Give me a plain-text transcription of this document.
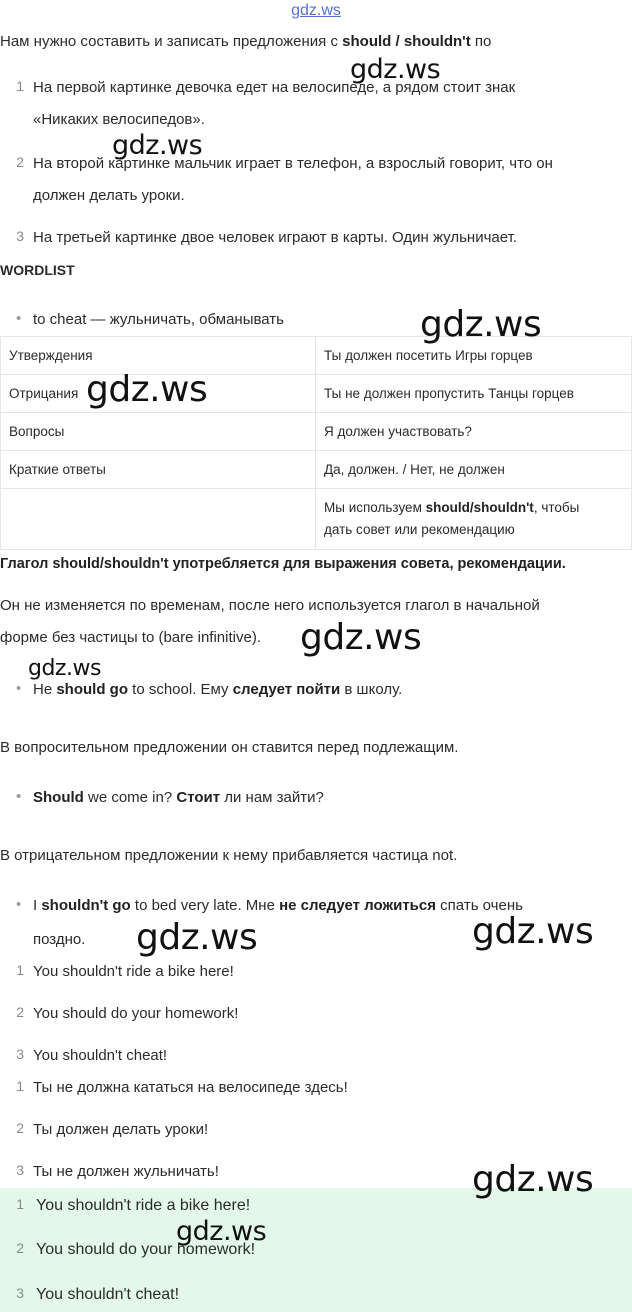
gdz.ws
Нам нужно составить и записать предложения с should / shouldn't по
1 На первой картинке девочка едет на велосипеде, а рядом стоит знак
«Никаких велосипедов».
2 На второй картинке мальчик играет в телефон, а взрослый говорит, что он
должен делать уроки.
3 На третьей картинке двое человек играют в карты. Один жульничает.
WORDLIST
• to cheat — жульничать, обманывать
Утверждения	Ты должен посетить Игры горцев
Отрицания	Ты не должен пропустить Танцы горцев
Вопросы	Я должен участвовать?
Краткие ответы	Да, должен. / Нет, не должен
	Мы используем should/shouldn't, чтобы
дать совет или рекомендацию
Глагол should/shouldn't употребляется для выражения совета, рекомендации.
Он не изменяется по временам, после него используется глагол в начальной
форме без частицы to (bare infinitive).
• He should go to school. Ему следует пойти в школу.
В вопросительном предложении он ставится перед подлежащим.
• Should we come in? Стоит ли нам зайти?
В отрицательном предложении к нему прибавляется частица not.
• I shouldn't go to bed very late. Мне не следует ложиться спать очень
поздно.
1 You shouldn't ride a bike here!
2 You should do your homework!
3 You shouldn't cheat!
1 Ты не должна кататься на велосипеде здесь!
2 Ты должен делать уроки!
3 Ты не должен жульничать!
1 You shouldn't ride a bike here!
2 You should do your homework!
3 You shouldn't cheat!
gdz.ws
gdz.ws
gdz.ws
gdz.ws
gdz.ws
gdz.ws
gdz.ws	gdz.ws
gdz.ws
gdz.ws
